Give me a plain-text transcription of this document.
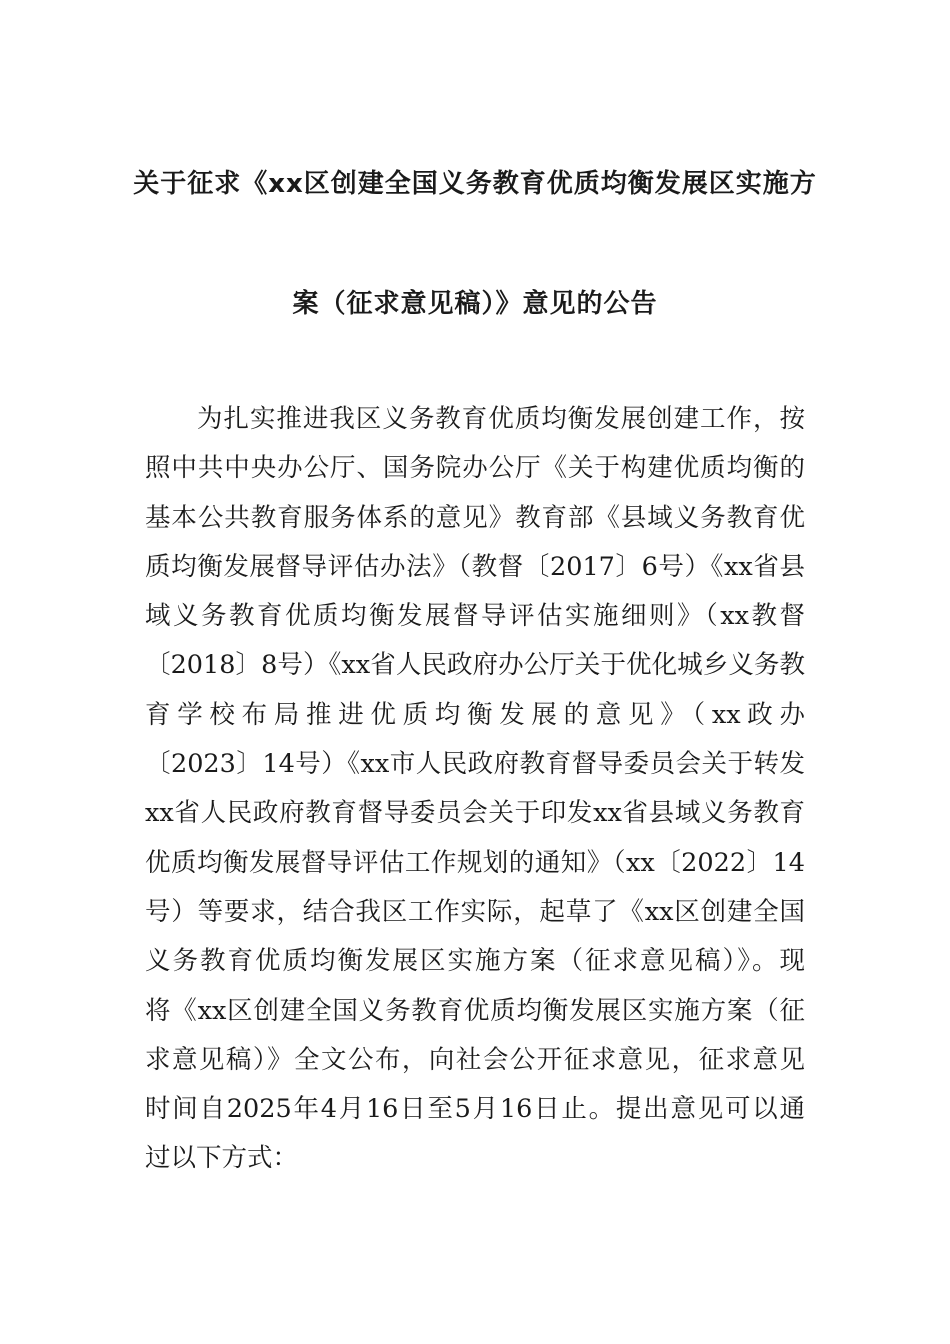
关于征求《xx区创建全国义务教育优质均衡发展区实施方
案（征求意见稿）》意见的公告
为扎实推进我区义务教育优质均衡发展创建工作，按
照中共中央办公厅、国务院办公厅《关于构建优质均衡的
基本公共教育服务体系的意见》教育部《县域义务教育优
质均衡发展督导评估办法》（教督〔2017〕6号）《xx省县
域义务教育优质均衡发展督导评估实施细则》（xx教督
〔2018〕8号）《xx省人民政府办公厅关于优化城乡义务教
育学校布局推进优质均衡发展的意见》（xx政办
〔2023〕14号）《xx市人民政府教育督导委员会关于转发
xx省人民政府教育督导委员会关于印发xx省县域义务教育
优质均衡发展督导评估工作规划的通知》（xx〔2022〕14
号）等要求，结合我区工作实际，起草了《xx区创建全国
义务教育优质均衡发展区实施方案（征求意见稿）》。现
将《xx区创建全国义务教育优质均衡发展区实施方案（征
求意见稿）》全文公布，向社会公开征求意见，征求意见
时间自2025年4月16日至5月16日止。提出意见可以通
过以下方式：
